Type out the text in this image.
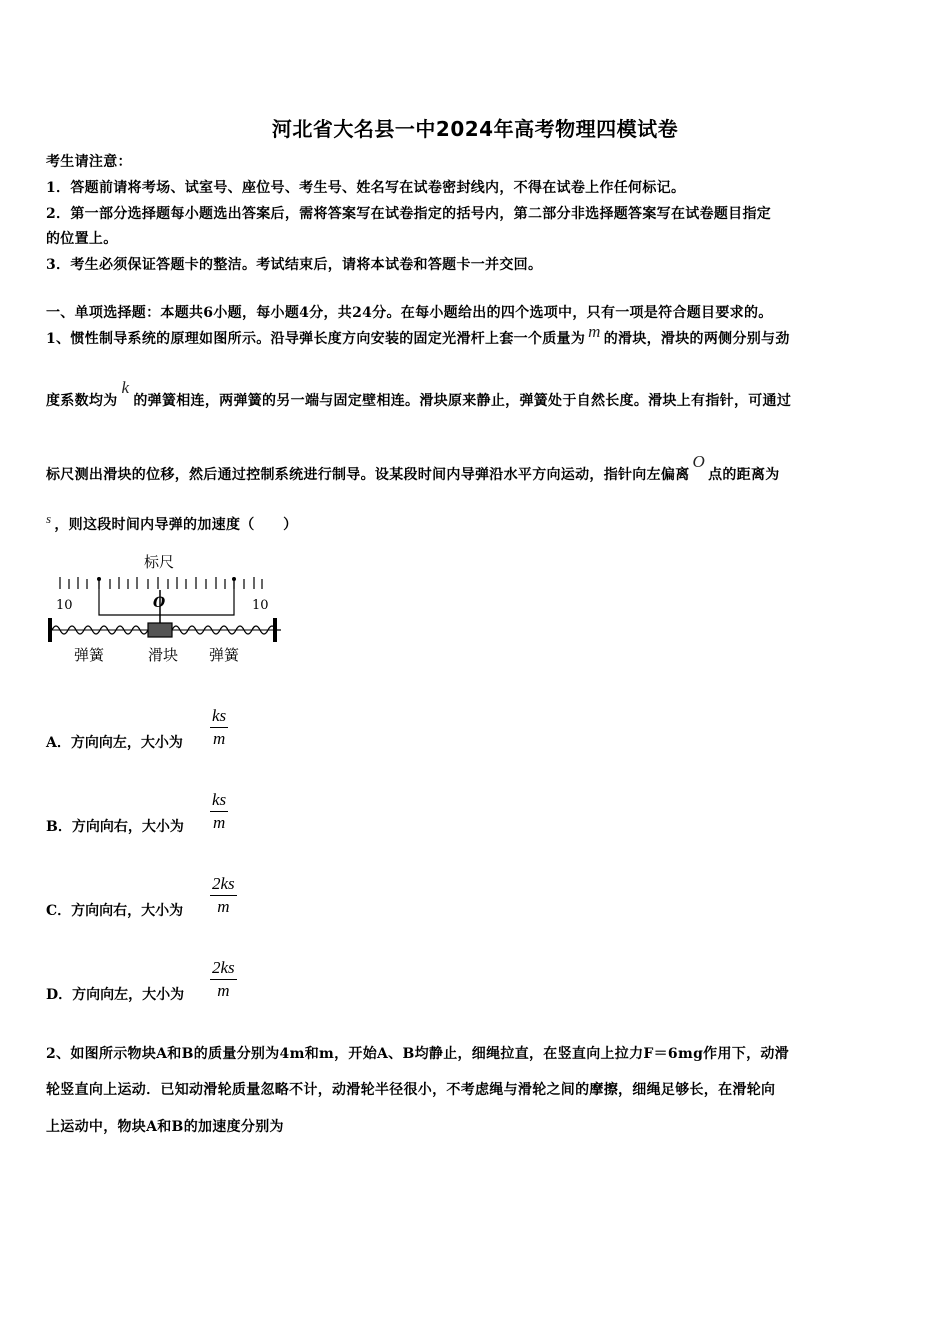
河北省大名县一中2024年高考物理四模试卷
考生请注意：
1．答题前请将考场、试室号、座位号、考生号、姓名写在试卷密封线内，不得在试卷上作任何标记。
2．第一部分选择题每小题选出答案后，需将答案写在试卷指定的括号内，第二部分非选择题答案写在试卷题目指定
的位置上。
3．考生必须保证答题卡的整洁。考试结束后，请将本试卷和答题卡一并交回。
一、单项选择题：本题共6小题，每小题4分，共24分。在每小题给出的四个选项中，只有一项是符合题目要求的。
1、惯性制导系统的原理如图所示。沿导弹长度方向安装的固定光滑杆上套一个质量为 m 的滑块，滑块的两侧分别与劲
度系数均为k的弹簧相连，两弹簧的另一端与固定壁相连。滑块原来静止，弹簧处于自然长度。滑块上有指针，可通过
标尺测出滑块的位移，然后通过控制系统进行制导。设某段时间内导弹沿水平方向运动，指针向左偏离O点的距离为
s ，则这段时间内导弹的加速度（　　）
标尺
10	O	10
弹簧	滑块 弹簧
A．方向向左，大小为 $\frac{ks}{m}$
B．方向向右，大小为 $\frac{ks}{m}$
C．方向向右，大小为 $\frac{2ks}{m}$
D．方向向左，大小为 $\frac{2ks}{m}$
2、如图所示物块A和B的质量分别为4m和m，开始A、B均静止，细绳拉直，在竖直向上拉力F＝6mg作用下，动滑
轮竖直向上运动．已知动滑轮质量忽略不计，动滑轮半径很小，不考虑绳与滑轮之间的摩擦，细绳足够长，在滑轮向
上运动中，物块A和B的加速度分别为
